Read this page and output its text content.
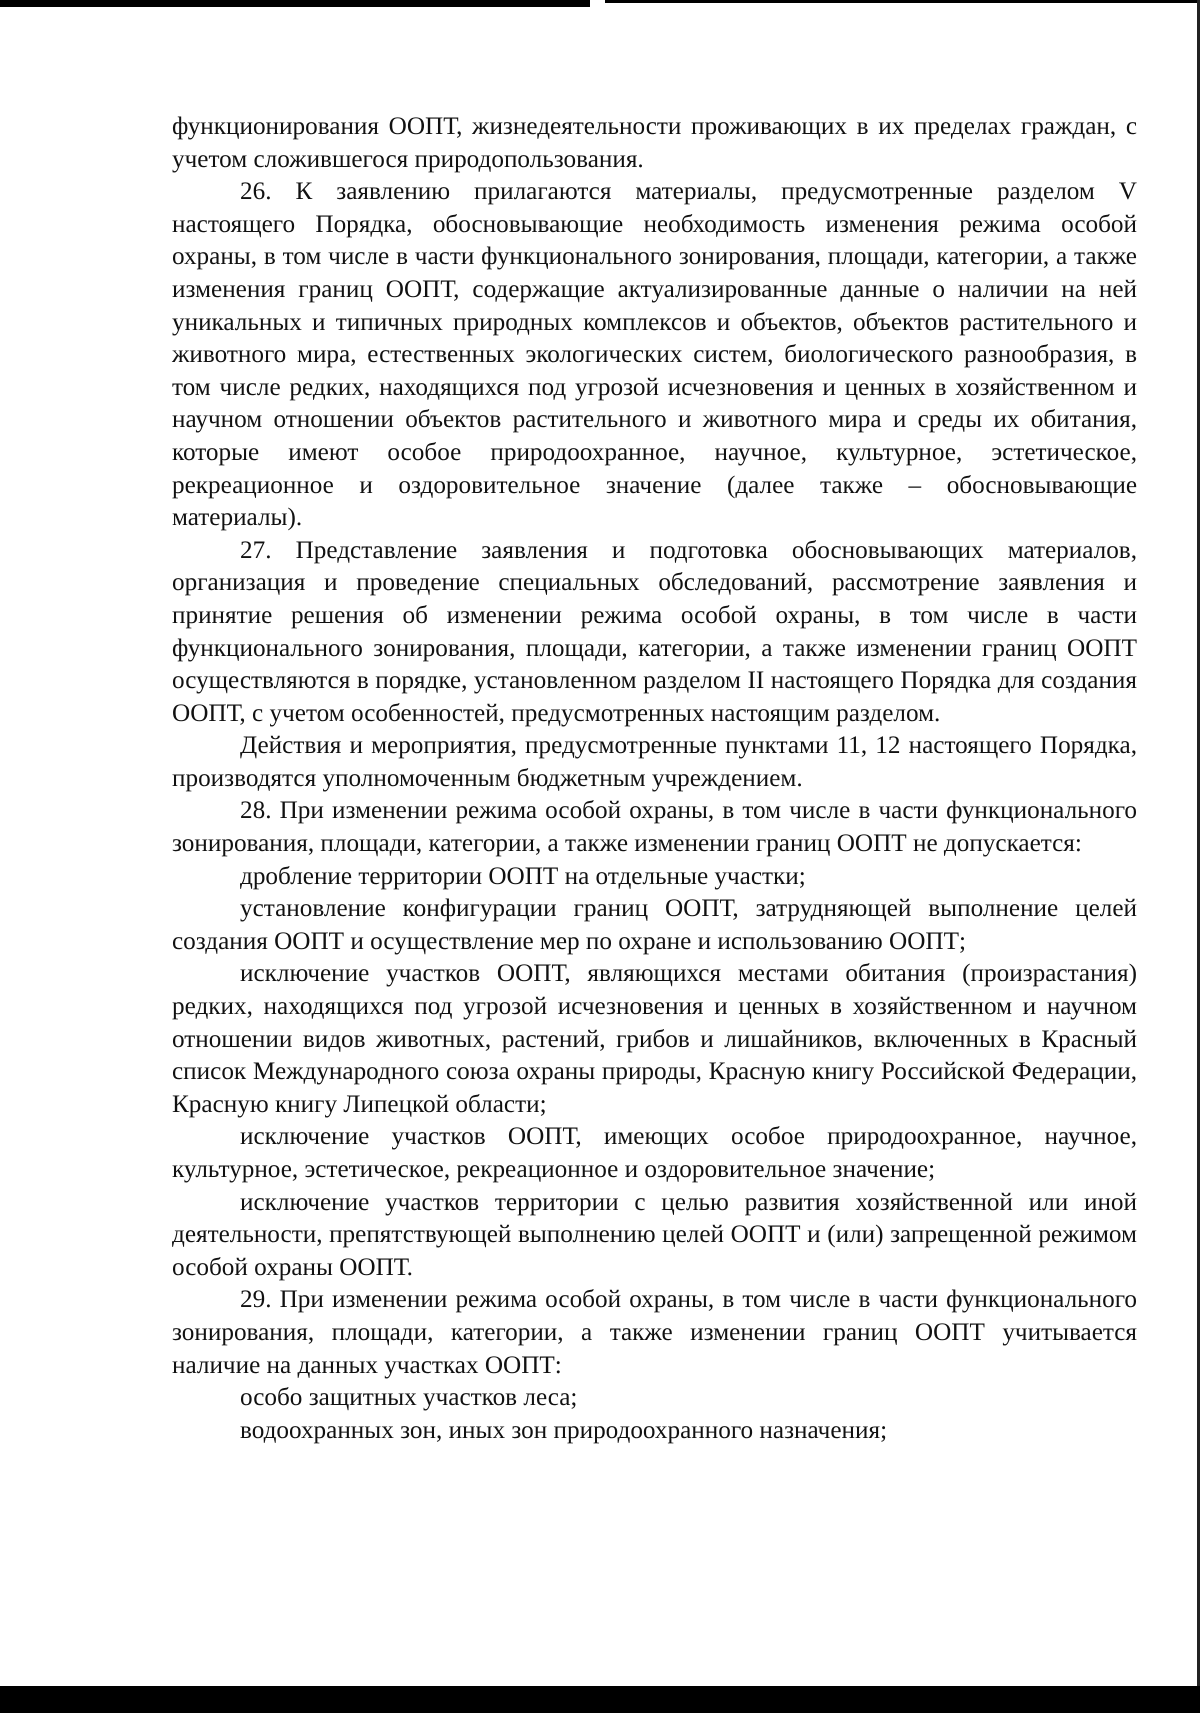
функционирования ООПТ, жизнедеятельности проживающих в их пределах граждан, с учетом сложившегося природопользования.

26. К заявлению прилагаются материалы, предусмотренные разделом V настоящего Порядка, обосновывающие необходимость изменения режима особой охраны, в том числе в части функционального зонирования, площади, категории, а также изменения границ ООПТ, содержащие актуализированные данные о наличии на ней уникальных и типичных природных комплексов и объектов, объектов растительного и животного мира, естественных экологических систем, биологического разнообразия, в том числе редких, находящихся под угрозой исчезновения и ценных в хозяйственном и научном отношении объектов растительного и животного мира и среды их обитания, которые имеют особое природоохранное, научное, культурное, эстетическое, рекреационное и оздоровительное значение (далее также – обосновывающие материалы).

27. Представление заявления и подготовка обосновывающих материалов, организация и проведение специальных обследований, рассмотрение заявления и принятие решения об изменении режима особой охраны, в том числе в части функционального зонирования, площади, категории, а также изменении границ ООПТ осуществляются в порядке, установленном разделом II настоящего Порядка для создания ООПТ, с учетом особенностей, предусмотренных настоящим разделом.

Действия и мероприятия, предусмотренные пунктами 11, 12 настоящего Порядка, производятся уполномоченным бюджетным учреждением.

28. При изменении режима особой охраны, в том числе в части функционального зонирования, площади, категории, а также изменении границ ООПТ не допускается:

дробление территории ООПТ на отдельные участки;

установление конфигурации границ ООПТ, затрудняющей выполнение целей создания ООПТ и осуществление мер по охране и использованию ООПТ;

исключение участков ООПТ, являющихся местами обитания (произрастания) редких, находящихся под угрозой исчезновения и ценных в хозяйственном и научном отношении видов животных, растений, грибов и лишайников, включенных в Красный список Международного союза охраны природы, Красную книгу Российской Федерации, Красную книгу Липецкой области;

исключение участков ООПТ, имеющих особое природоохранное, научное, культурное, эстетическое, рекреационное и оздоровительное значение;

исключение участков территории с целью развития хозяйственной или иной деятельности, препятствующей выполнению целей ООПТ и (или) запрещенной режимом особой охраны ООПТ.

29. При изменении режима особой охраны, в том числе в части функционального зонирования, площади, категории, а также изменении границ ООПТ учитывается наличие на данных участках ООПТ:

особо защитных участков леса;

водоохранных зон, иных зон природоохранного назначения;
